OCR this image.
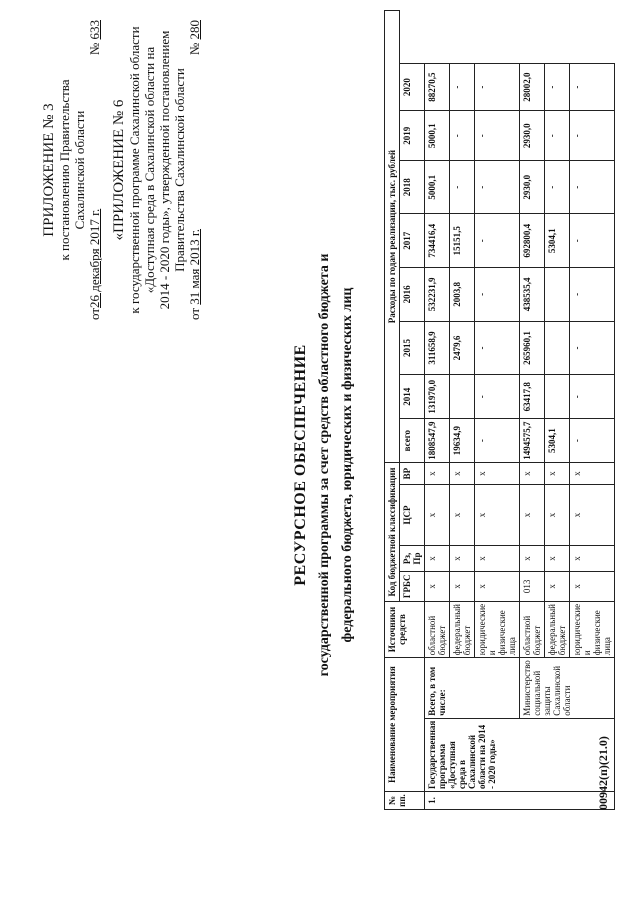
ПРИЛОЖЕНИЕ № 3 к постановлению Правительства Сахалинской области
от26 декабря 2017 г.
№ 633
«ПРИЛОЖЕНИЕ № 6 к государственной программе Сахалинской области «Доступная среда в Сахалинской области на 2014 - 2020 годы», утвержденной постановлением Правительства Сахалинской области
от 31 мая 2013 г.
№ 280
РЕСУРСНОЕ ОБЕСПЕЧЕНИЕ государственной программы за счет средств областного бюджета и федерального бюджета, юридических и физических лиц
№ пп.	Наименование мероприятия		Источники средств	Код бюджетной классификации				Расходы по годам реализации, тыс. рублей							
				ГРБС	Рз, Пр	ЦСР	ВР	всего	2014	2015	2016	2017	2018	2019	2020
1.	Государственная программа «Доступная среда в Сахалинской области на 2014 - 2020 годы»	Всего, в том числе:	областной бюджет	x	x	x	x	1808547,9	131970,0	311658,9	532231,9	734416,4	5000,1	5000,1	88270,5
			федеральный бюджет	x	x	x	x	19634,9		2479,6	2003,8	15151,5	-	-	-
			юридические и физические лица	x	x	x	x	-	-	-	-	-	-	-	-
		Министерство социальной защиты Сахалинской области	областной бюджет	013	x	x	x	1494575,7	63417,8	265960,1	438535,4	692800,4	2930,0	2930,0	28002,0
			федеральный бюджет	x	x	x	x	5304,1				5304,1	-	-	-
			юридические и физические лица	x	x	x	x	-	-	-	-	-	-	-	-
00942(п)(21.0)
